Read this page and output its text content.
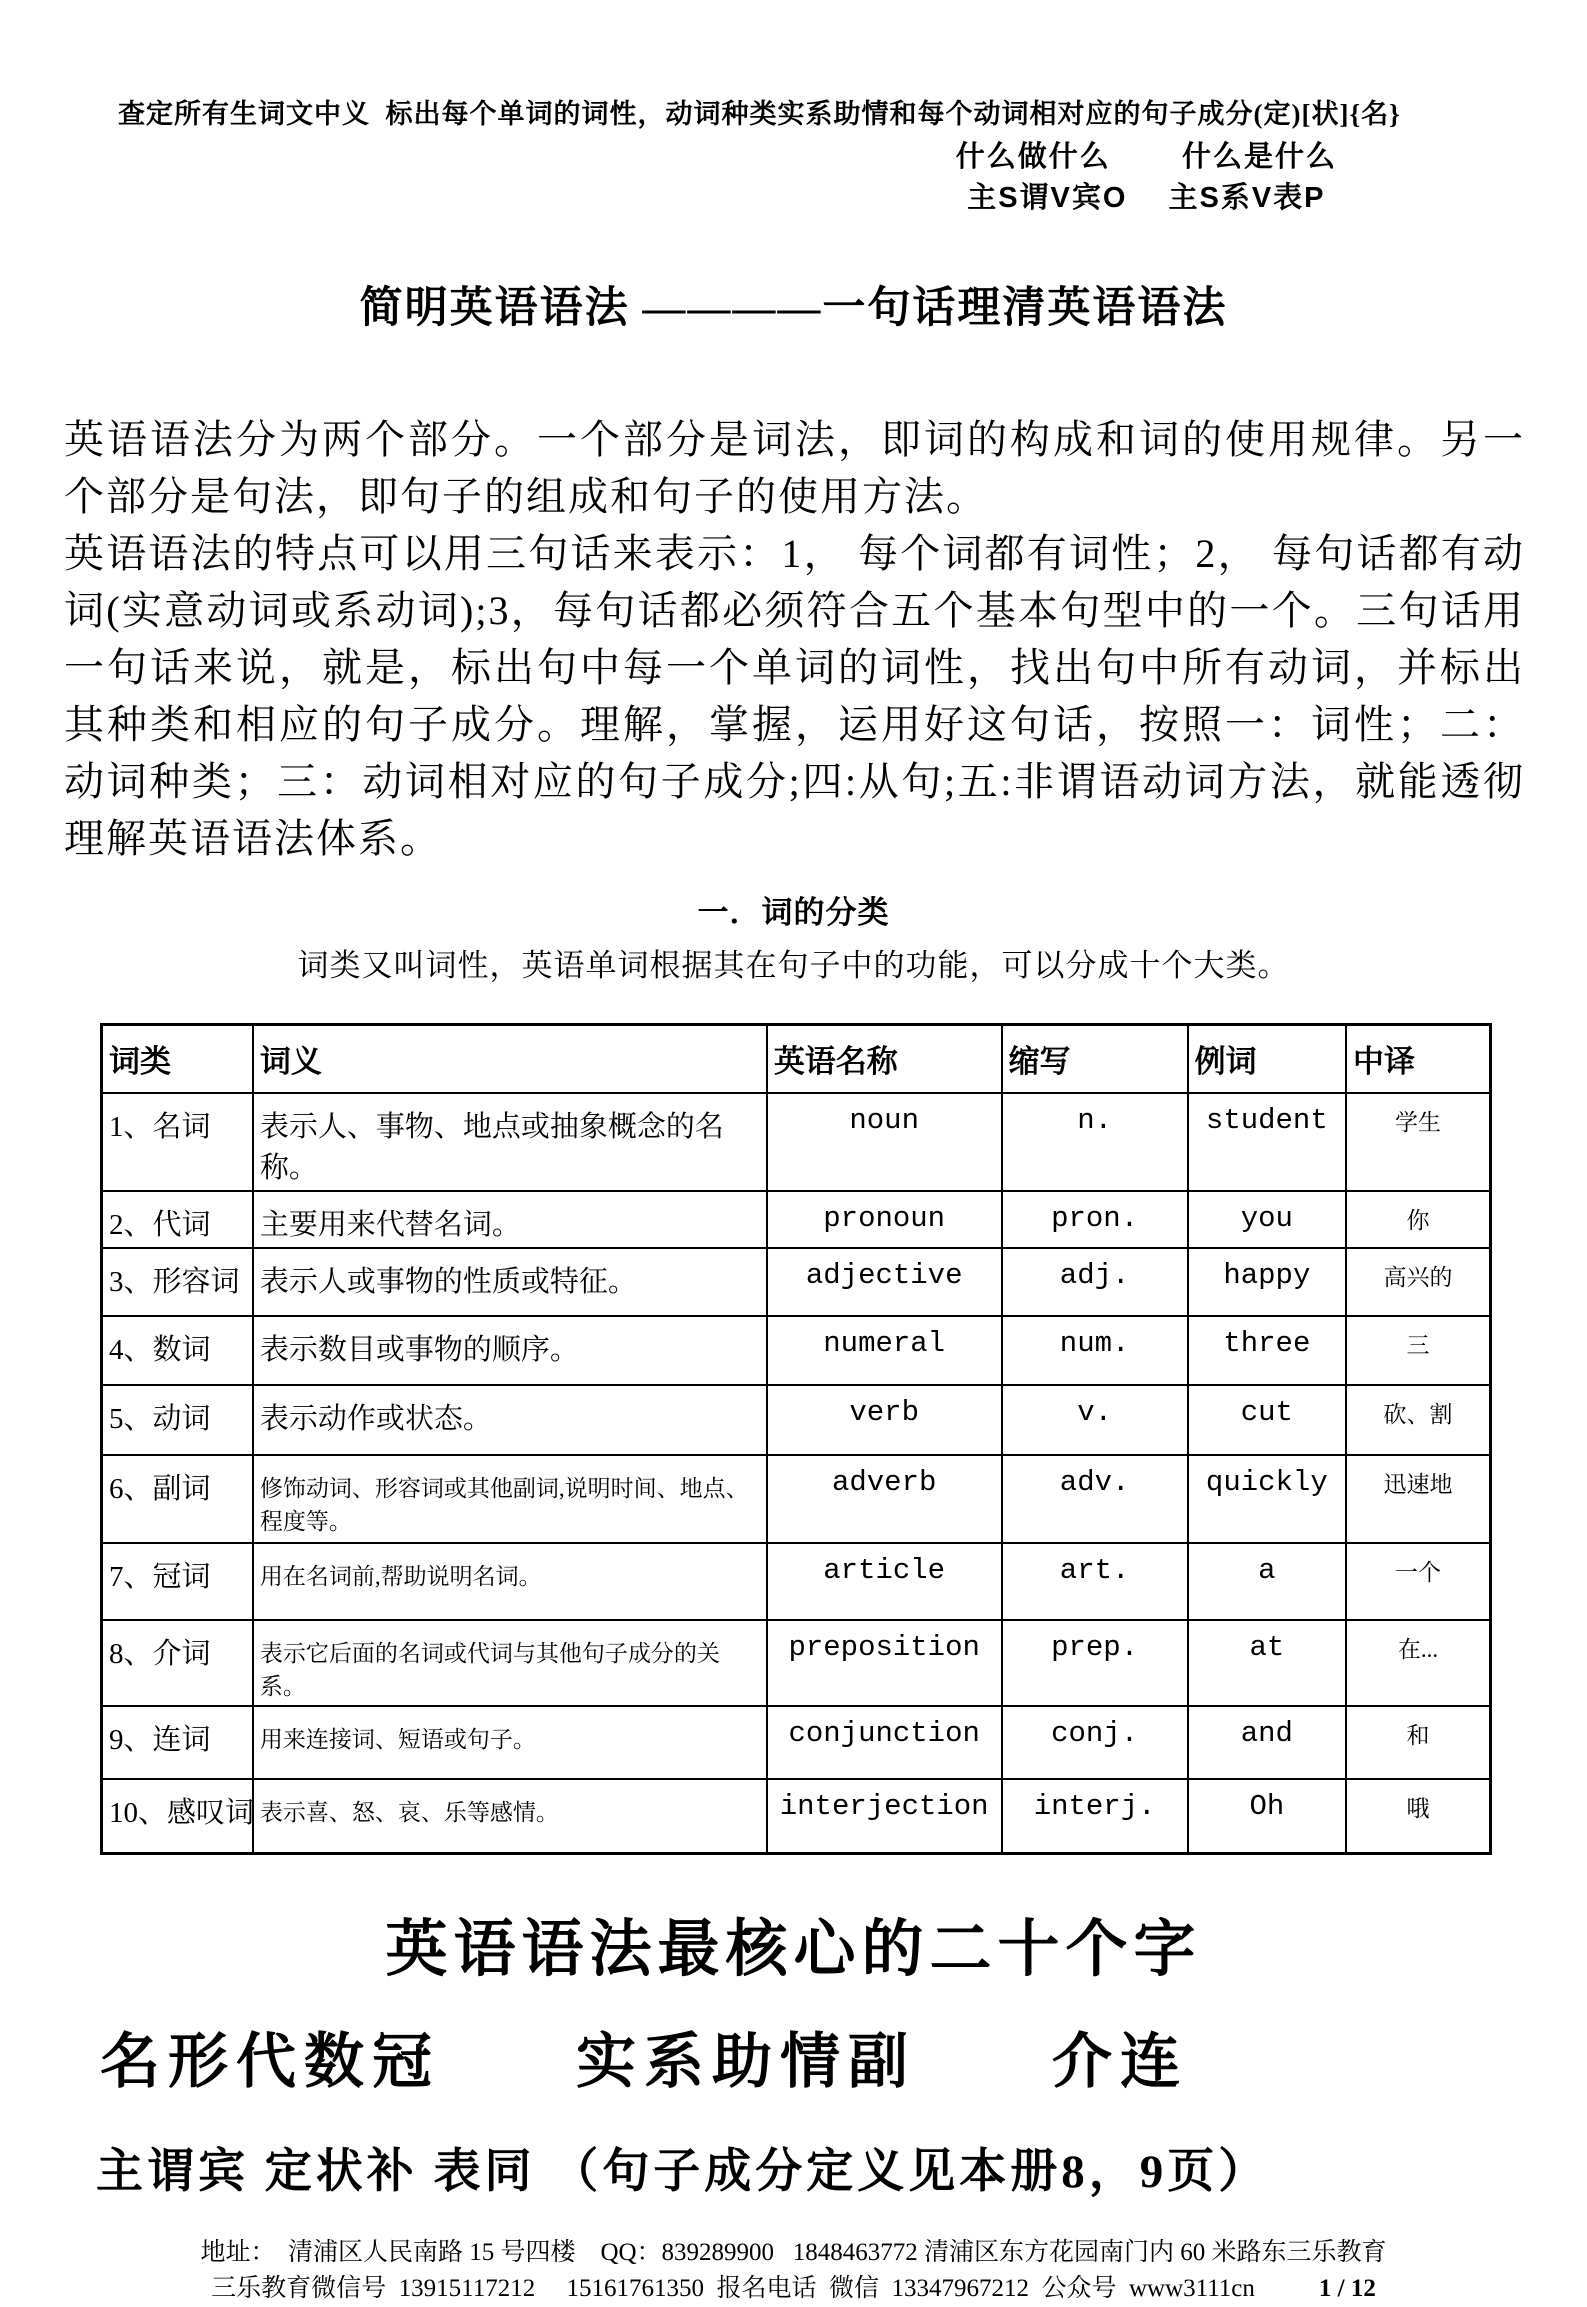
查定所有生词文中义  标出每个单词的词性，动词种类实系助情和每个动词相对应的句子成分(定)[状]{名}
什么做什么　　 什么是什么
主S谓V宾O　 主S系V表P
简明英语语法 ————一句话理清英语语法

英语语法分为两个部分。一个部分是词法，即词的构成和词的使用规律。另一个部分是句法，即句子的组成和句子的使用方法。

英语语法的特点可以用三句话来表示：1， 每个词都有词性；2， 每句话都有动词(实意动词或系动词);3，每句话都必须符合五个基本句型中的一个。三句话用一句话来说，就是，标出句中每一个单词的词性，找出句中所有动词，并标出其种类和相应的句子成分。理解，掌握，运用好这句话，按照一：词性；二：动词种类；三：动词相对应的句子成分;四:从句;五:非谓语动词方法，就能透彻理解英语语法体系。

一．词的分类
词类又叫词性，英语单词根据其在句子中的功能，可以分成十个大类。
词类	词义	英语名称	缩写	例词	中译
1、名词	表示人、事物、地点或抽象概念的名称。	noun	n.	student	学生
2、代词	主要用来代替名词。	pronoun	pron.	you	你
3、形容词	表示人或事物的性质或特征。	adjective	adj.	happy	高兴的
4、数词	表示数目或事物的顺序。	numeral	num.	three	三
5、动词	表示动作或状态。	verb	v.	cut	砍、割
6、副词	修饰动词、形容词或其他副词,说明时间、地点、程度等。	adverb	adv.	quickly	迅速地
7、冠词	用在名词前,帮助说明名词。	article	art.	a	一个
8、介词	表示它后面的名词或代词与其他句子成分的关系。	preposition	prep.	at	在...
9、连词	用来连接词、短语或句子。	conjunction	conj.	and	和
10、感叹词	表示喜、怒、哀、乐等感情。	interjection	interj.	Oh	哦
英语语法最核心的二十个字
名形代数冠　　实系助情副　　介连
主谓宾 定状补 表同 （句子成分定义见本册8，9页）
地址：  清浦区人民南路 15 号四楼    QQ：839289900   1848463772 清浦区东方花园南门内 60 米路东三乐教育
三乐教育微信号  13915117212     15161761350  报名电话  微信  13347967212  公众号  www3111cn	1 / 12
